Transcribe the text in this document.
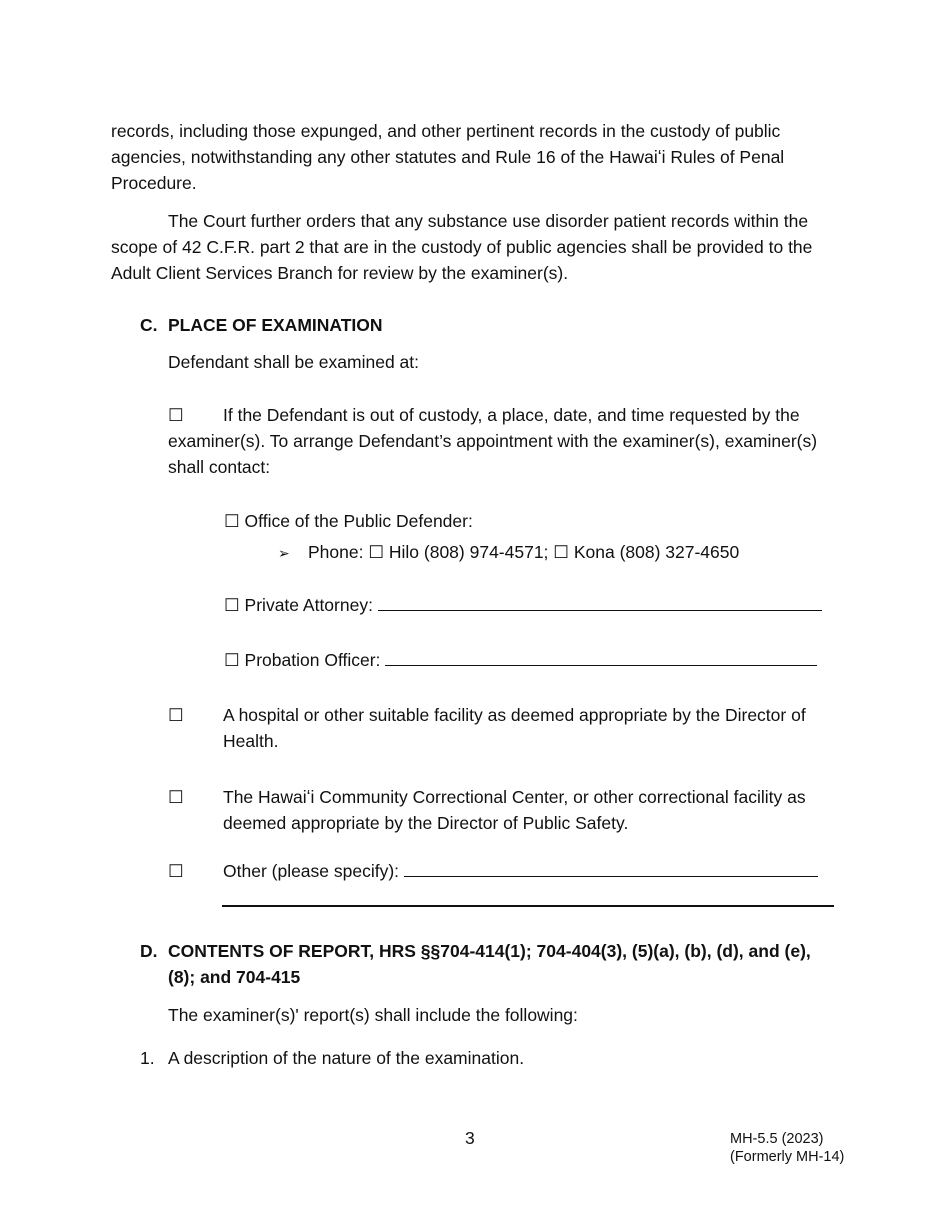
records, including those expunged, and other pertinent records in the custody of public agencies, notwithstanding any other statutes and Rule 16 of the Hawaiʻi Rules of Penal Procedure.

The Court further orders that any substance use disorder patient records within the scope of 42 C.F.R. part 2 that are in the custody of public agencies shall be provided to the Adult Client Services Branch for review by the examiner(s).

C. PLACE OF EXAMINATION
Defendant shall be examined at:
☐ If the Defendant is out of custody, a place, date, and time requested by the examiner(s). To arrange Defendant’s appointment with the examiner(s), examiner(s) shall contact:
☐ Office of the Public Defender:
➢ Phone: ☐ Hilo (808) 974-4571; ☐ Kona (808) 327-4650
☐ Private Attorney:
☐ Probation Officer:
☐ A hospital or other suitable facility as deemed appropriate by the Director of Health.
☐ The Hawaiʻi Community Correctional Center, or other correctional facility as deemed appropriate by the Director of Public Safety.
☐ Other (please specify):
D. CONTENTS OF REPORT, HRS §§704-414(1); 704-404(3), (5)(a), (b), (d), and (e), (8); and 704-415
The examiner(s)' report(s) shall include the following:
1. A description of the nature of the examination.
3	MH-5.5 (2023)
(Formerly MH-14)
